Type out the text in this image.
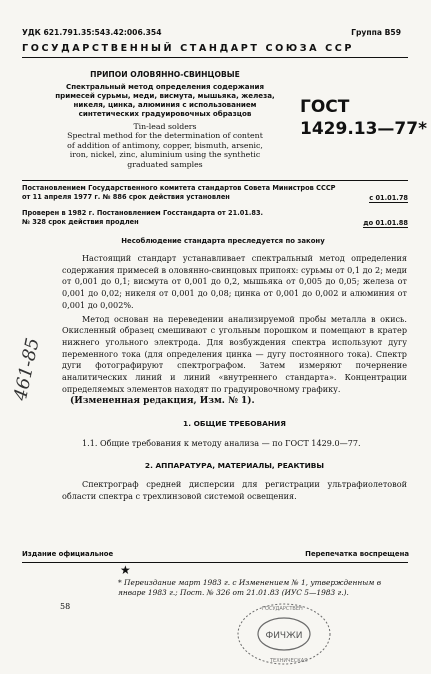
УДК 621.791.35:543.42:006.354	Группа В59
ГОСУДАРСТВЕННЫЙ СТАНДАРТ СОЮЗА ССР
ПРИПОИ ОЛОВЯННО-СВИНЦОВЫЕ
Спектральный метод определения содержания
примесей сурьмы, меди, висмута, мышьяка, железа,
никеля, цинка, алюминия с использованием
синтетических градуировочных образцов
Tin-lead solders
Spectral method for the determination of content
of addition of antimony, copper, bismuth, arsenic,
iron, nickel, zinc, aluminium using the synthetic
graduated samples
ГОСТ
1429.13—77*
Постановлением Государственного комитета стандартов Совета Министров СССР
от 11 апреля 1977 г. № 886 срок действия установлен	с 01.01.78
Проверен в 1982 г. Постановлением Госстандарта от 21.01.83.
№ 328 срок действия продлен	до 01.01.88
Несоблюдение стандарта преследуется по закону

Настоящий стандарт устанавливает спектральный метод определения содержания примесей в оловянно-свинцовых припоях: сурьмы от 0,1 до 2; меди от 0,001 до 0,1; висмута от 0,001 до 0,2, мышьяка от 0,005 до 0,05; железа от 0,001 до 0,02; никеля от 0,001 до 0,08; цинка от 0,001 до 0,002 и алюминия от 0,001 до 0,002%.

Метод основан на переведении анализируемой пробы металла в окись. Окисленный образец смешивают с угольным порошком и помещают в кратер нижнего угольного электрода. Для возбуждения спектра используют дугу переменного тока (для определения цинка — дугу постоянного тока). Спектр дуги фотографируют спектрографом. Затем измеряют почернение аналитических линий и линий «внутреннего стандарта». Концентрации определяемых элементов находят по градуировочному графику.

(Измененная редакция, Изм. № 1).
1. ОБЩИЕ ТРЕБОВАНИЯ

1.1. Общие требования к методу анализа — по ГОСТ 1429.0—77.

2. АППАРАТУРА, МАТЕРИАЛЫ, РЕАКТИВЫ

Спектрограф средней дисперсии для регистрации ультрафиолетовой области спектра с трехлинзовой системой освещения.

Издание официальное	Перепечатка воспрещена
★
* Переиздание март 1983 г. с Изменением № 1, утвержденным в январе 1983 г.; Пост. № 326 от 21.01.83 (ИУС 5—1983 г.).
58
461-85
ФИЧЖИ
ГОСУДАРСТВЕН
ТЕХНИЧЕСКАЯ
